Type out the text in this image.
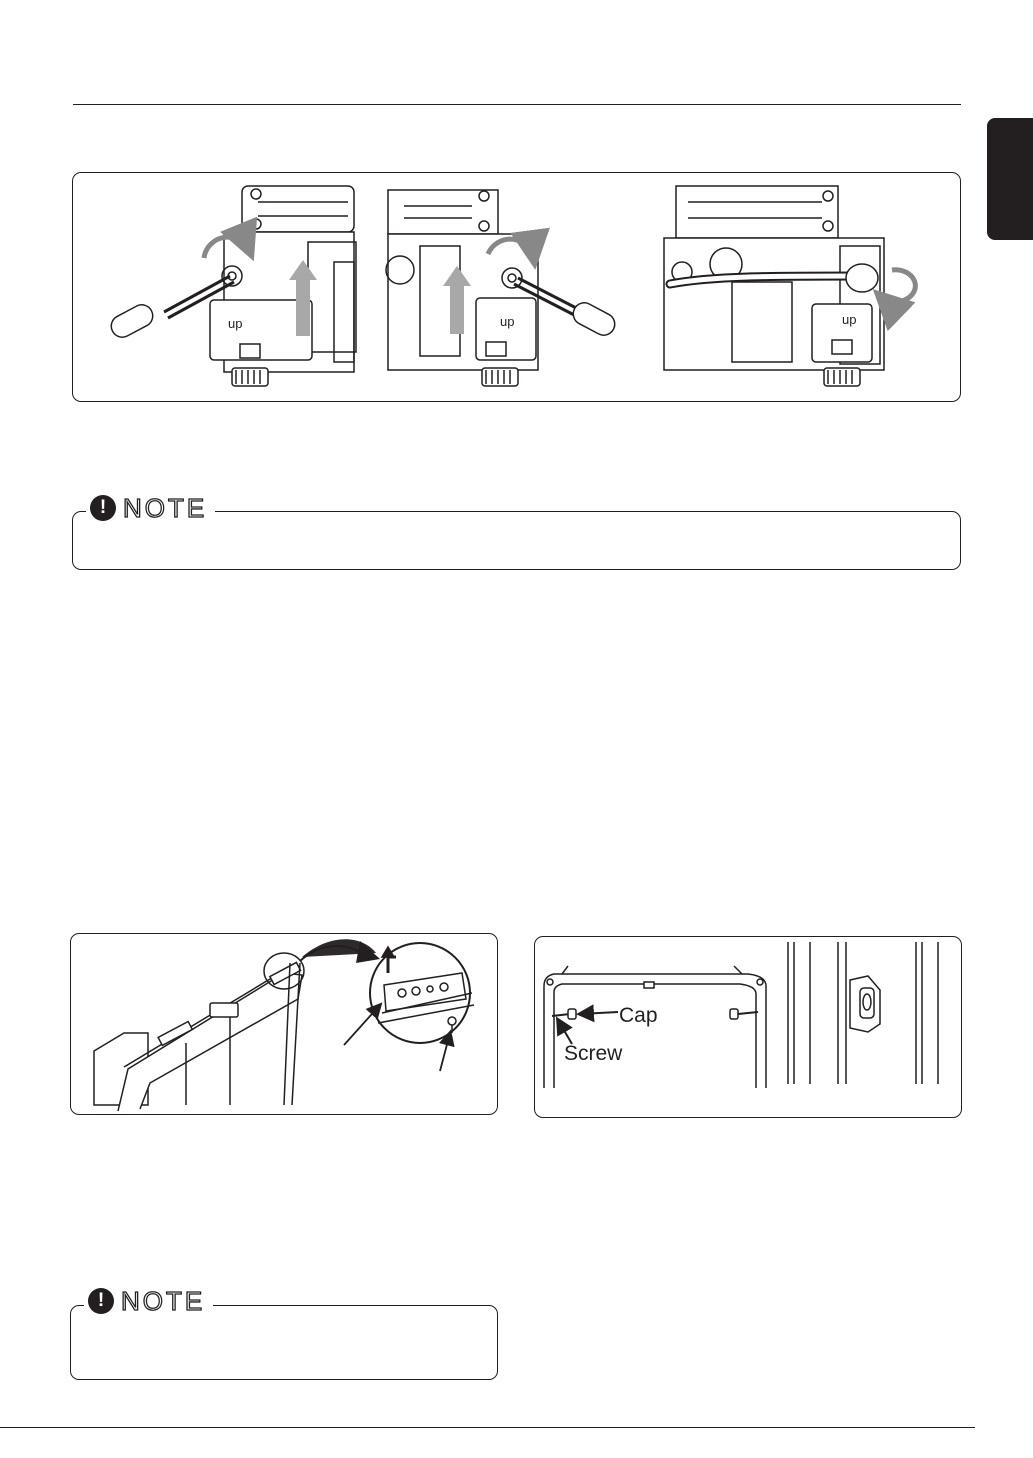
up	up	up
! NOTE
Cap
Screw
! NOTE
